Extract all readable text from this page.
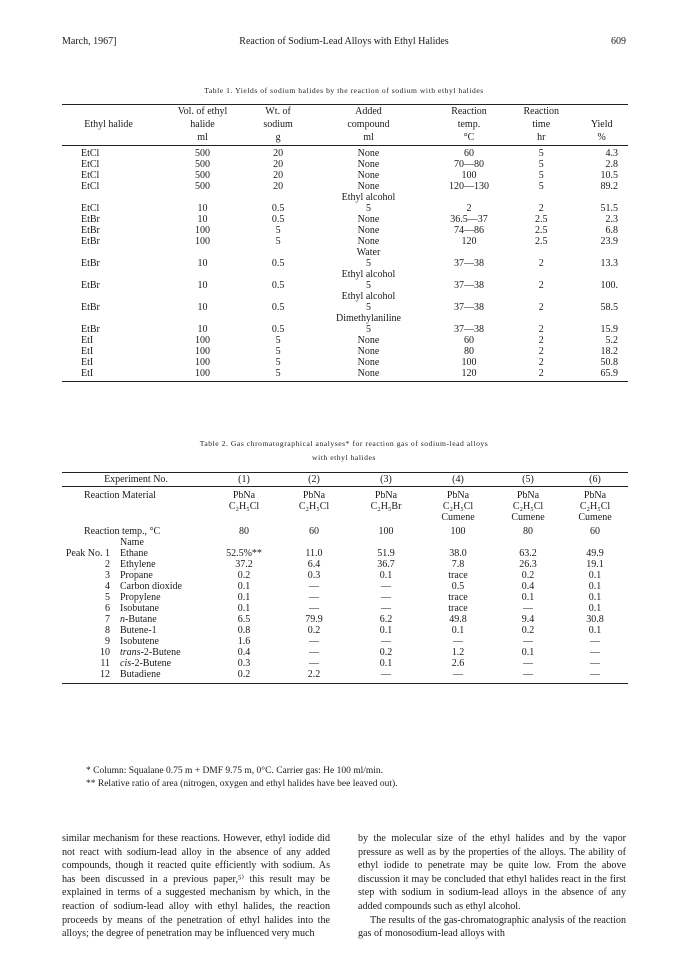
March, 1967]	Reaction of Sodium-Lead Alloys with Ethyl Halides	609
Table 1. Yields of sodium halides by the reaction of sodium with ethyl halides
	Vol. of ethyl	Wt. of	Added	Reaction	Reaction	
Ethyl halide	halide	sodium	compound	temp.	time	Yield
	ml	g	ml	°C	hr	%
EtCl	500	20	None	60	5	4.3
EtCl	500	20	None	70—80	5	2.8
EtCl	500	20	None	100	5	10.5
EtCl	500	20	None	120—130	5	89.2
			Ethyl alcohol			
EtCl	10	0.5	5	2	2	51.5
EtBr	10	0.5	None	36.5—37	2.5	2.3
EtBr	100	5	None	74—86	2.5	6.8
EtBr	100	5	None	120	2.5	23.9
			Water			
EtBr	10	0.5	5	37—38	2	13.3
			Ethyl alcohol			
EtBr	10	0.5	5	37—38	2	100.
			Ethyl alcohol			
EtBr	10	0.5	5	37—38	2	58.5
			Dimethylaniline			
EtBr	10	0.5	5	37—38	2	15.9
EtI	100	5	None	60	2	5.2
EtI	100	5	None	80	2	18.2
EtI	100	5	None	100	2	50.8
EtI	100	5	None	120	2	65.9
Table 2. Gas chromatographical analyses* for reaction gas of sodium-lead alloys
with ethyl halides
Experiment No.		(1)	(2)	(3)	(4)	(5)	(6)
Reaction Material		PbNa	PbNa	PbNa	PbNa	PbNa	PbNa
		C₂H₅Cl	C₂H₅Cl	C₂H₅Br	C₂H₅Cl	C₂H₅Cl	C₂H₅Cl
					Cumene	Cumene	Cumene
Reaction temp., °C		80	60	100	100	80	60
	Name						
Peak No. 1	Ethane	52.5%**	11.0	51.9	38.0	63.2	49.9
2	Ethylene	37.2	6.4	36.7	7.8	26.3	19.1
3	Propane	0.2	0.3	0.1	trace	0.2	0.1
4	Carbon dioxide	0.1	—	—	0.5	0.4	0.1
5	Propylene	0.1	—	—	trace	0.1	0.1
6	Isobutane	0.1	—	—	trace	—	0.1
7	n-Butane	6.5	79.9	6.2	49.8	9.4	30.8
8	Butene-1	0.8	0.2	0.1	0.1	0.2	0.1
9	Isobutene	1.6	—	—	—	—	—
10	trans-2-Butene	0.4	—	0.2	1.2	0.1	—
11	cis-2-Butene	0.3	—	0.1	2.6	—	—
12	Butadiene	0.2	2.2	—	—	—	—
* Column: Squalane 0.75 m + DMF 9.75 m, 0°C. Carrier gas: He 100 ml/min.
** Relative ratio of area (nitrogen, oxygen and ethyl halides have bee leaved out).
similar mechanism for these reactions. However, ethyl iodide did not react with sodium-lead alloy in the absence of any added compounds, though it reacted quite efficiently with sodium. As has been discussed in a previous paper,⁵⁾ this result may be explained in terms of a suggested mechanism by which, in the reaction of sodium-lead alloy with ethyl halides, the reaction proceeds by means of the penetration of ethyl halides into the alloys; the degree of penetration may be influenced very much
by the molecular size of the ethyl halides and by the vapor pressure as well as by the properties of the alloys. The ability of ethyl iodide to penetrate may be quite low. From the above discussion it may be concluded that ethyl halides react in the first step with sodium in sodium-lead alloys in the absence of any added compounds such as ethyl alcohol.
The results of the gas-chromatographic analysis of the reaction gas of monosodium-lead alloys with
